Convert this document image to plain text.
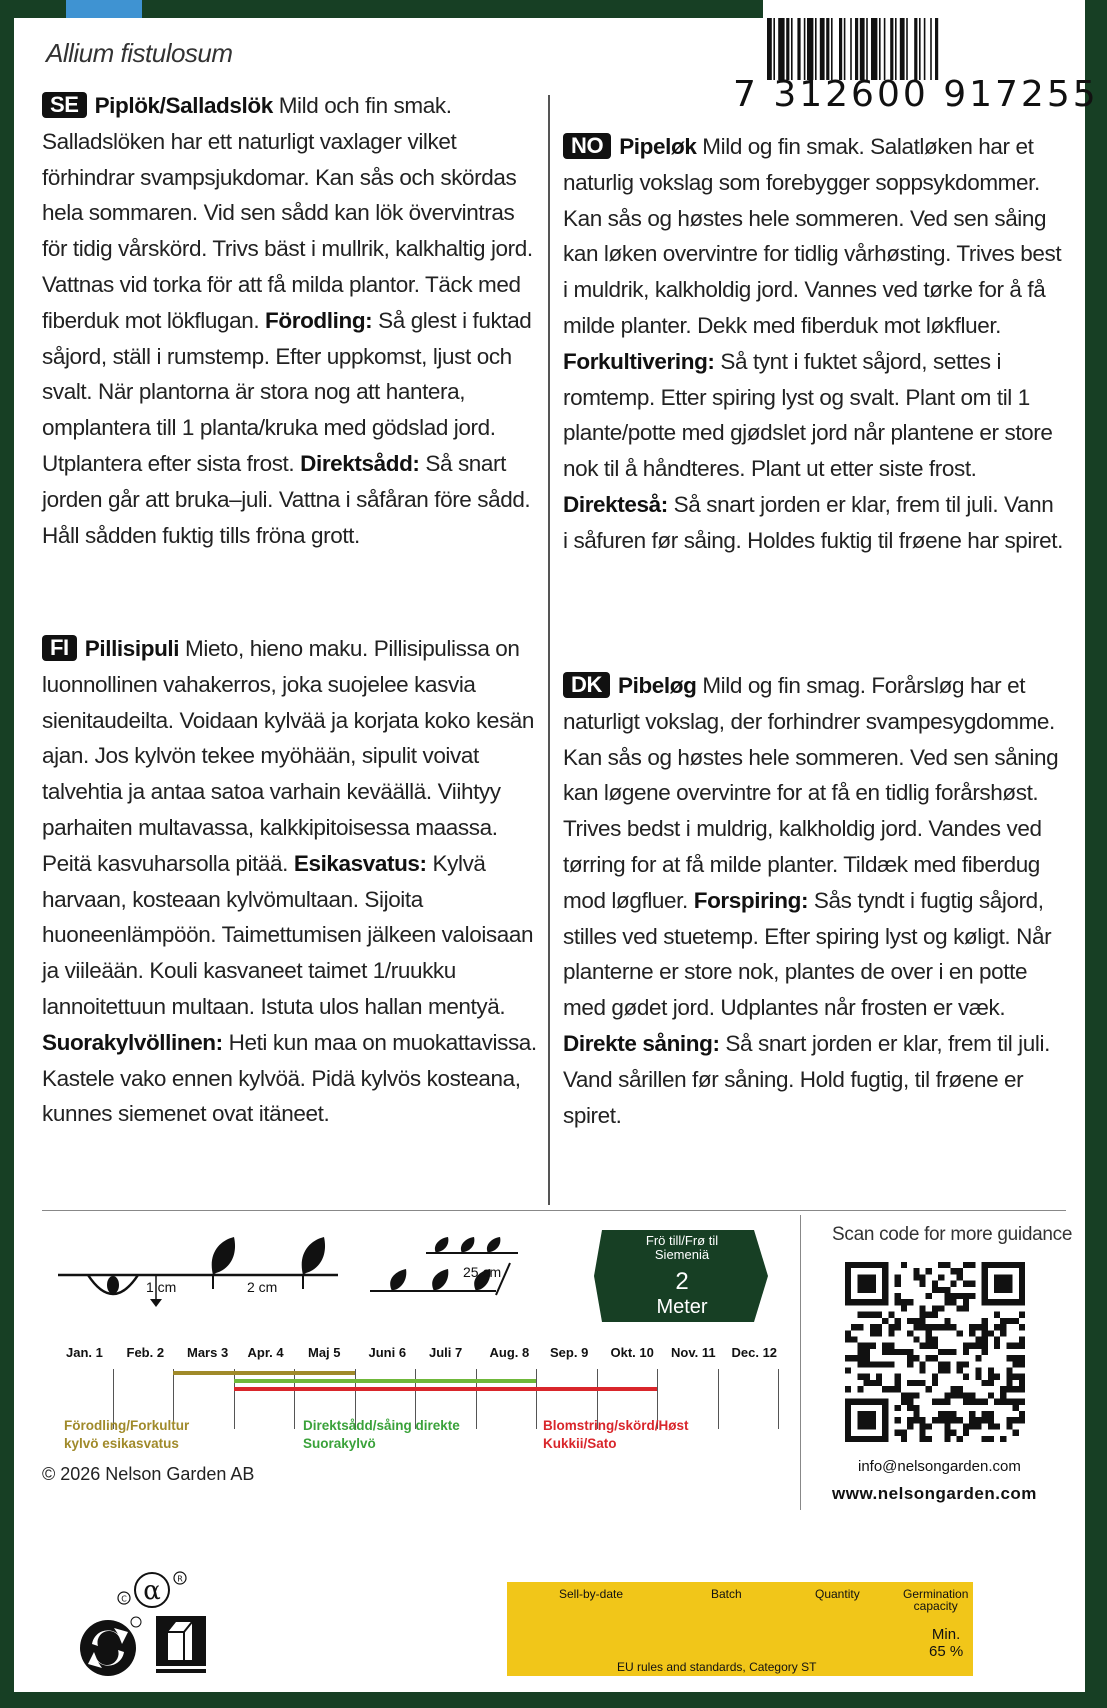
7 312600 917255
Allium fistulosum
SE Piplök/Salladslök Mild och fin smak. Salladslöken har ett naturligt vaxlager vilket förhindrar svampsjukdomar. Kan sås och skördas hela sommaren. Vid sen sådd kan lök övervintras för tidig vårskörd. Trivs bäst i mullrik, kalkhaltig jord. Vattnas vid torka för att få milda plantor. Täck med fiberduk mot lökflugan. Förodling: Så glest i fuktad såjord, ställ i rumstemp. Efter uppkomst, ljust och svalt. När plantorna är stora nog att hantera, omplantera till 1 planta/kruka med gödslad jord. Utplantera efter sista frost. Direktsådd: Så snart jorden går att bruka–juli. Vattna i såfåran före sådd. Håll sådden fuktig tills fröna grott.
NO Pipeløk Mild og fin smak. Salatløken har et naturlig vokslag som forebygger soppsykdommer. Kan sås og høstes hele sommeren. Ved sen såing kan løken overvintre for tidlig vårhøsting. Trives best i muldrik, kalkholdig jord. Vannes ved tørke for å få milde planter. Dekk med fiberduk mot løkfluer. Forkultivering: Så tynt i fuktet såjord, settes i romtemp. Etter spiring lyst og svalt. Plant om til 1 plante/potte med gjødslet jord når plantene er store nok til å håndteres. Plant ut etter siste frost. Direkteså: Så snart jorden er klar, frem til juli. Vann i såfuren før såing. Holdes fuktig til frøene har spiret.
FI Pillisipuli Mieto, hieno maku. Pillisipulissa on luonnollinen vahakerros, joka suojelee kasvia sienitaudeilta. Voidaan kylvää ja korjata koko kesän ajan. Jos kylvön tekee myöhään, sipulit voivat talvehtia ja antaa satoa varhain keväällä. Viihtyy parhaiten multavassa, kalkkipitoisessa maassa. Peitä kasvuharsolla pitää. Esikasvatus: Kylvä harvaan, kosteaan kylvömultaan. Sijoita huoneenlämpöön. Taimettumisen jälkeen valoisaan ja viileään. Kouli kasvaneet taimet 1/ruukku lannoitettuun multaan. Istuta ulos hallan mentyä. Suorakylvöllinen: Heti kun maa on muokattavissa. Kastele vako ennen kylvöä. Pidä kylvös kosteana, kunnes siemenet ovat itäneet.
DK Pibeløg Mild og fin smag. Forårsløg har et naturligt vokslag, der forhindrer svampesygdomme. Kan sås og høstes hele sommeren. Ved sen såning kan løgene overvintre for at få en tidlig forårshøst. Trives bedst i muldrig, kalkholdig jord. Vandes ved tørring for at få milde planter. Tildæk med fiberdug mod løgfluer. Forspiring: Sås tyndt i fugtig såjord, stilles ved stuetemp. Efter spiring lyst og køligt. Når planterne er store nok, plantes de over i en potte med gødet jord. Udplantes når frosten er væk. Direkte såning: Så snart jorden er klar, frem til juli. Vand sårillen før såning. Hold fugtig, til frøene er spiret.
1 cm	2 cm
25 cm
Frö till/Frø til
Siemeniä
2
Meter
Jan. 1 Feb. 2 Mars 3 Apr. 4 Maj 5 Juni 6 Juli 7 Aug. 8 Sep. 9 Okt. 10 Nov. 11 Dec. 12
Förodling/Forkultur
kylvö esikasvatus
Direktsådd/såing direkte
Suorakylvö
Blomstring/skörd/Høst
Kukkii/Sato
© 2026 Nelson Garden AB
Scan code for more guidance
info@nelsongarden.com
www.nelsongarden.com
α R
C	Sell-by-date	Batch	Quantity	Germination
capacity
Min.
65 %
EU rules and standards, Category ST
